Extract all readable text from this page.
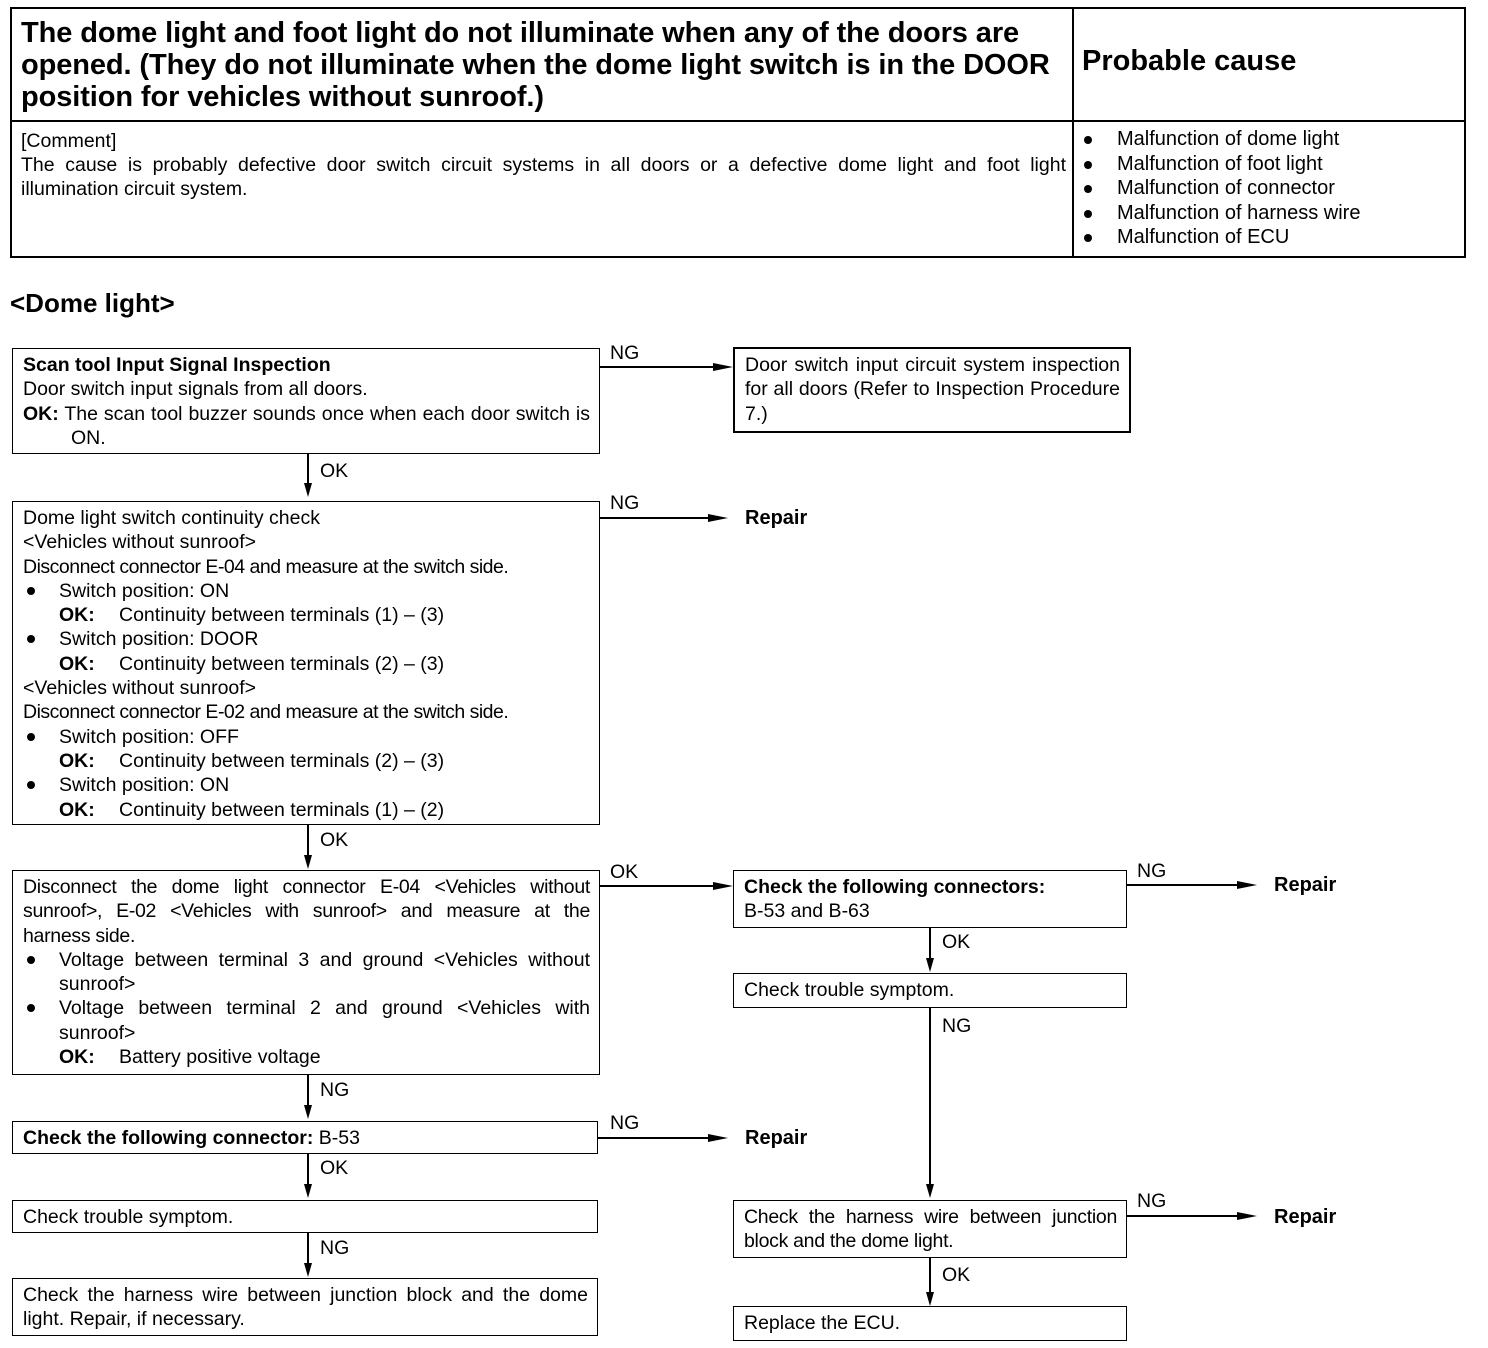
The dome light and foot light do not illuminate when any of the doors are opened. (They do not illuminate when the dome light switch is in the DOOR position for vehicles without sunroof.)
Probable cause
[Comment]
The cause is probably defective door switch circuit systems in all doors or a defective dome light and foot light illumination circuit system.
Malfunction of dome light
Malfunction of foot light
Malfunction of connector
Malfunction of harness wire
Malfunction of ECU
<Dome light>

Scan tool Input Signal Inspection

Door switch input signals from all doors.

OK: The scan tool buzzer sounds once when each door switch is ON.

NG
Door switch input circuit system inspection for all doors (Refer to Inspection Procedure 7.)
OK

Dome light switch continuity check

<Vehicles without sunroof>

Disconnect connector E-04 and measure at the switch side.

Switch position: ON

OK: Continuity between terminals (1) – (3)

Switch position: DOOR

OK: Continuity between terminals (2) – (3)

<Vehicles without sunroof>

Disconnect connector E-02 and measure at the switch side.

Switch position: OFF

OK: Continuity between terminals (2) – (3)

Switch position: ON

OK: Continuity between terminals (1) – (2)

NG
Repair
OK

Disconnect the dome light connector E-04 <Vehicles without sunroof>, E-02 <Vehicles with sunroof> and measure at the harness side.

Voltage between terminal 3 and ground <Vehicles without sunroof>

Voltage between terminal 2 and ground <Vehicles with sunroof>

OK: Battery positive voltage

OK
NG

Check the following connectors:

B-53 and B-63

NG
Repair
OK
Check trouble symptom.
NG
Check the harness wire between junction block and the dome light.
NG
Repair
OK
Replace the ECU.

Check the following connector: B-53

NG
Repair
OK
Check trouble symptom.
NG
Check the harness wire between junction block and the dome light. Repair, if necessary.
